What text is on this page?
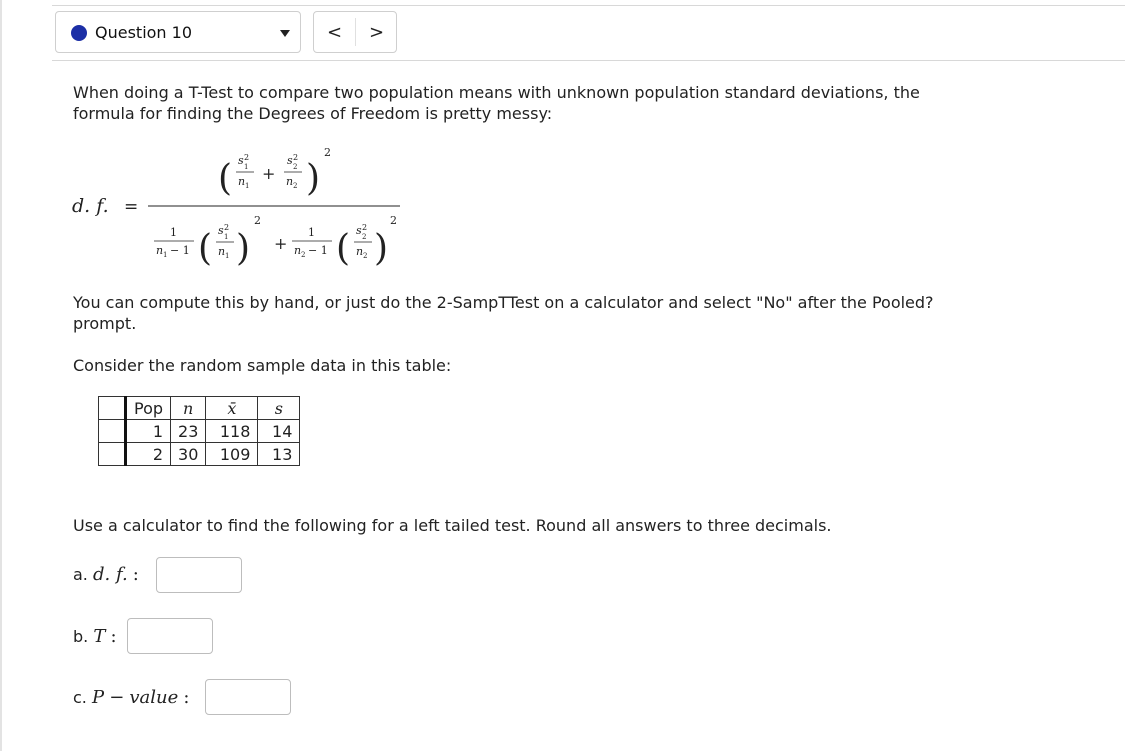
Question 10	< >
When doing a T-Test to compare two population means with unknown population standard deviations, the
formula for finding the Degrees of Freedom is pretty messy:
d. f. =
( s 2
1
n 1
+
s 2
2
n 2 )
2
1
n 1 − 1 ( s 2
1
n 1 )
2
+
1
n 2 − 1 ( s 2
2
n 2 )
2
You can compute this by hand, or just do the 2-SampTTest on a calculator and select "No" after the Pooled?
prompt.
Consider the random sample data in this table:
	Pop	n	x̄	s
	1	23	118	14
	2	30	109	13
Use a calculator to find the following for a left tailed test. Round all answers to three decimals.
a. d. f. :
b. T :
c. P − value :
